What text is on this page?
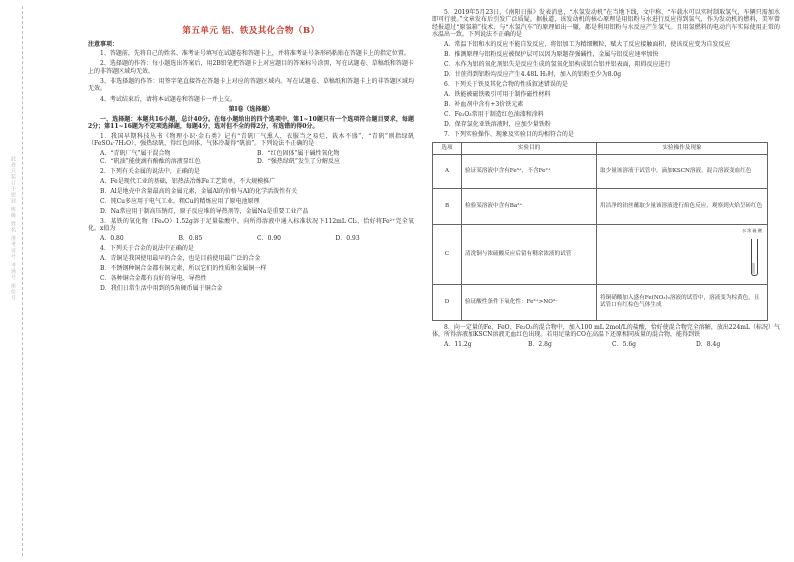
此卷只装订不密封 班级 姓名 准考证号 考场号 座位号
第五单元 铝、铁及其化合物（B）
注意事项：
1、答题前，先将自己的姓名、准考证号填写在试题卷和答题卡上，并将准考证号条形码粘贴在答题卡上的指定位置。
2、选择题的作答：每小题选出答案后，用2B铅笔把答题卡上对应题目的答案标号涂黑，写在试题卷、草稿纸和答题卡上的非答题区域均无效。
3、非选择题的作答：用签字笔直接答在答题卡上对应的答题区域内。写在试题卷、草稿纸和答题卡上的非答题区域均无效。
4、考试结束后，请将本试题卷和答题卡一并上交。
第Ⅰ卷（选择题）
一、选择题：本题共16小题，总计40分。在每小题给出的四个选项中，第1~10题只有一个选项符合题目要求，每题2分；第11~16题为不定项选择题，每题4分，选对但不全的得2分，有选错的得0分。
1．我国早期科技丛书《物理小识·金石类》记有“青矾厂气熏人，衣服当之易烂，栽木不盛”，“青矾”则指绿矾（FeSO₄·7H₂O），强热绿矾，得红色固体，气体冷凝得“矾油”。下列说法不正确的是
A．“青矾厂气”属于混合物	B．“红色固体”属于碱性氧化物
C．“矾油”能使滴有酚酞的溶液显红色	D．“强热绿矾”发生了分解反应
2．下列有关金属的说法中，正确的是
A．Fe是现代工业的基础，铝热法冶炼Fe工艺简单，不大规模推广
B．Al是地壳中含量最高的金属元素，金属Al的价格与Al的化学活泼性有关
C．钝Cu多应用于电气工业，粗Cu的精炼应用了原电池原理
D．Na常应用于制高压钠灯，原子反应堆的导热剂等，金属Na是重要工业产品
3．某铁的氧化物（FeₓO）1.52g溶于足量盐酸中，向所得溶液中通入标准状况下112mL Cl₂，恰好将Fe²⁺完全氧化。x值为
A．0.80	B．0.85	C．0.90	D．0.93
4．下列关于合金的说法中正确的是
A．青铜是我国使用最早的合金，也是目前使用最广泛的合金
B．不锈钢种铜合金都有铜元素，所以它们的性质和金属铜一样
C．各种铜合金都有良好的导电、导热性
D．我们日常生活中用到的5角硬币属于铜合金
5．2019年5月23日，《南阳日报》发表消息，“水氢发动机”在当地下线，文中称，“车载水可以实时制取氢气，车辆只需加水即可行驶。”文章发布后引发广泛质疑。据报道，该发动机的核心原理是用铝粉与水进行反应得到氢气，作为发动机的燃料，美军曾经报道过“原氢箱”技术，与“水氢汽车”的原理如出一辙，都是利用铝粉与水反应产生氢气。且用氢燃料的电动汽车实际使用正常的水温出一致。下列说法不正确的是
A．常温下铝和水的反应不能自发反应，将铝加工为精细颗粒，赋大了反应接触面积，使该反应变为自发反应
B．推测原理与铝粉反应被保护层可以因为原题存强碱性，金属与铝反应速率加快
C．水作为铝的氧化剂铝失是反应生成的氢氧化铝构成铝合铝并铝表面，阻碍反应进行
D．甘蔗得到铝粉均反应产生4.48L H₂时，加入的铝粉至少为8.0g
6．下列关于铁及其化合物的性质叙述错误的是
A．铁能被磁铁吸引可用于制作磁性材料
B．补血剂中含有+3价铁元素
C．Fe₂O₃常用于制造红色油漆和涂料
D．保存氯化亚铁溶液时，应加少量铁粉
7．下列实验操作、现象及实验目的均相符合的是
选项	实验目的	实验操作及现象
A	验证某溶液中含有Fe³⁺，不含Fe²⁺	取少量该溶液于试管中，滴加KSCN溶液，混合溶液变血红色
B	检验某溶液中含有Ba²⁺	用洁净的铂丝蘸取少量该溶液进行焰色反应，观察到火焰呈砖红色
C	清洗铜与浓硫酸反应后留有剩余浓液的试管	水 浓 硫 酸

D	验证酸性条件下氧化性：Fe³⁺>NO³⁻	将铜硝酸加入盛有Fe(NO₃)₂溶液的试管中，溶液变为棕黄色，且试管口有红棕色气体生成
8．向一定量的Fe、FeO、Fe₂O₃的混合物中，加入100 mL 2mol/L的盐酸，恰好使混合物完全溶解，放出224mL（标况）气体，所得溶液加KSCN溶液无血红色出现。若用足量的CO在高温下还原相同质量的混合物，能得到铁
A．11.2g	B．2.8g	C．5.6g	D．8.4g
